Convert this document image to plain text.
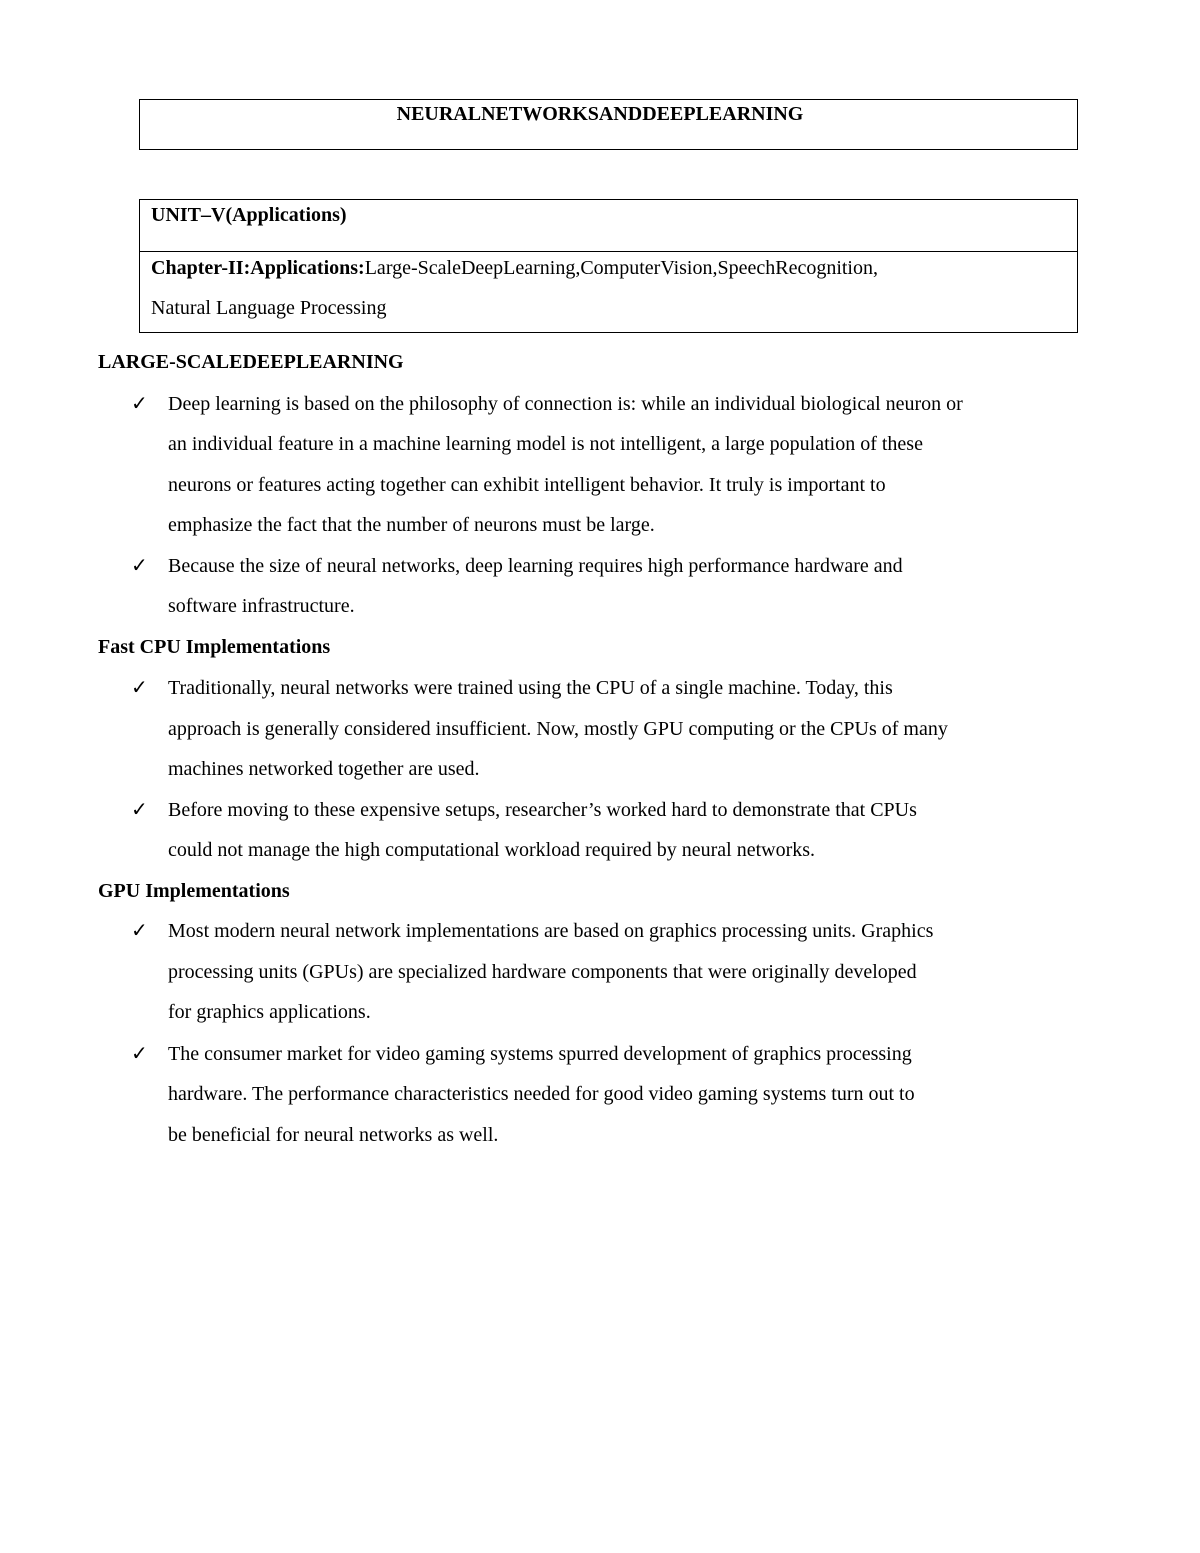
NEURALNETWORKSANDDEEPLEARNING
UNIT–V(Applications)
Chapter-II:Applications:Large-ScaleDeepLearning,ComputerVision,SpeechRecognition,
Natural Language Processing
LARGE-SCALEDEEPLEARNING
✓ Deep learning is based on the philosophy of connection is: while an individual biological neuron or
an individual feature in a machine learning model is not intelligent, a large population of these
neurons or features acting together can exhibit intelligent behavior. It truly is important to
emphasize the fact that the number of neurons must be large.
✓ Because the size of neural networks, deep learning requires high performance hardware and
software infrastructure.
Fast CPU Implementations
✓ Traditionally, neural networks were trained using the CPU of a single machine. Today, this
approach is generally considered insufficient. Now, mostly GPU computing or the CPUs of many
machines networked together are used.
✓ Before moving to these expensive setups, researcher’s worked hard to demonstrate that CPUs
could not manage the high computational workload required by neural networks.
GPU Implementations
✓ Most modern neural network implementations are based on graphics processing units. Graphics
processing units (GPUs) are specialized hardware components that were originally developed
for graphics applications.
✓ The consumer market for video gaming systems spurred development of graphics processing
hardware. The performance characteristics needed for good video gaming systems turn out to
be beneficial for neural networks as well.
